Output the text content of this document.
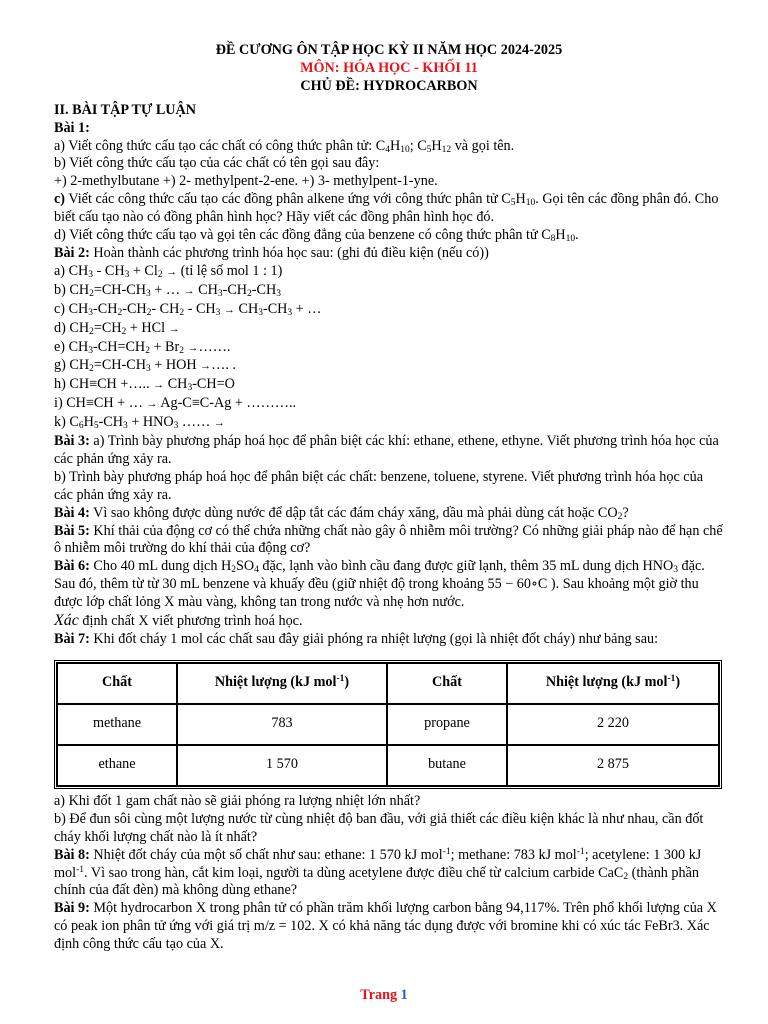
ĐỀ CƯƠNG ÔN TẬP HỌC KỲ II NĂM HỌC 2024-2025
MÔN: HÓA HỌC - KHỐI 11
CHỦ ĐỀ: HYDROCARBON
II. BÀI TẬP TỰ LUẬN
Bài 1:
a) Viết công thức cấu tạo các chất có công thức phân tử: $C_4H_{10}$; $C_5H_{12}$ và gọi tên.
b) Viết công thức cấu tạo của các chất có tên gọi sau đây:
+) 2-methylbutane +) 2- methylpent-2-ene. +) 3- methylpent-1-yne.
c) Viết các công thức cấu tạo các đồng phân alkene ứng với công thức phân tử $C_5H_{10}$. Gọi tên các đồng phân đó. Cho biết cấu tạo nào có đồng phân hình học? Hãy viết các đồng phân hình học đó.
d) Viết công thức cấu tạo và gọi tên các đồng đẳng của benzene có công thức phân tử $C_8H_{10}$.
Bài 2: Hoàn thành các phương trình hóa học sau: (ghi đủ điều kiện (nếu có))
a) $CH_3 - CH_3 + Cl_2$ → (tỉ lệ số mol 1 : 1)
b) $CH_2=CH-CH_3$ + … → $CH_3-CH_2-CH_3$
c) $CH_3-CH_2-CH_2-$ $CH_2 - CH_3 \to CH_3-CH_3$ + …
d) $CH_2=CH_2$ + HCl →
e) $CH_3-CH=CH_2 + Br_2$ →…….
g) $CH_2=CH-CH_3$ + HOH →…. .
h) CH≡CH +….. → $CH_3-CH=O$
i) CH≡CH + … → Ag-C≡C-Ag + ………..
k) $C_6H_5-CH_3 + HNO_3$ …… →
Bài 3: a) Trình bày phương pháp hoá học để phân biệt các khí: ethane, ethene, ethyne. Viết phương trình hóa học của các phản ứng xảy ra.
b) Trình bày phương pháp hoá học để phân biệt các chất: benzene, toluene, styrene. Viết phương trình hóa học của các phản ứng xảy ra.
Bài 4: Vì sao không được dùng nước để dập tắt các đám cháy xăng, dầu mà phải dùng cát hoặc $CO_2$?
Bài 5: Khí thải của động cơ có thể chứa những chất nào gây ô nhiễm môi trường? Có những giải pháp nào để hạn chế ô nhiễm môi trường do khí thải của động cơ?
Bài 6: Cho 40 mL dung dịch $H_2SO_4$ đặc, lạnh vào bình cầu đang được giữ lạnh, thêm 35 mL dung dịch $HNO_3$ đặc. Sau đó, thêm từ từ 30 mL benzene và khuấy đều (giữ nhiệt độ trong khoảng 55 − 60∘C ). Sau khoảng một giờ thu được lớp chất lỏng X màu vàng, không tan trong nước và nhẹ hơn nước.
Xác định chất X viết phương trình hoá học.
Bài 7: Khi đốt cháy 1 mol các chất sau đây giải phóng ra nhiệt lượng (gọi là nhiệt đốt cháy) như bảng sau:
Chất	Nhiệt lượng (kJ mol$^{-1}$)	Chất	Nhiệt lượng (kJ mol$^{-1}$)
methane	783	propane	2 220
ethane	1 570	butane	2 875
a) Khi đốt 1 gam chất nào sẽ giải phóng ra lượng nhiệt lớn nhất?
b) Để đun sôi cùng một lượng nước từ cùng nhiệt độ ban đầu, với giả thiết các điều kiện khác là như nhau, cần đốt cháy khối lượng chất nào là ít nhất?
Bài 8: Nhiệt đốt cháy của một số chất như sau: ethane: 1 570 kJ mol$^{-1}$; methane: 783 kJ mol$^{-1}$; acetylene: 1 300 kJ mol$^{-1}$. Vì sao trong hàn, cắt kim loại, người ta dùng acetylene được điều chế từ calcium carbide CaC$_2$ (thành phần chính của đất đèn) mà không dùng ethane?
Bài 9: Một hydrocarbon X trong phân tử có phần trăm khối lượng carbon bằng 94,117%. Trên phổ khối lượng của X có peak ion phân tử ứng với giá trị m/z = 102. X có khả năng tác dụng được với bromine khi có xúc tác FeBr3. Xác định công thức cấu tạo của X.
Trang 1
